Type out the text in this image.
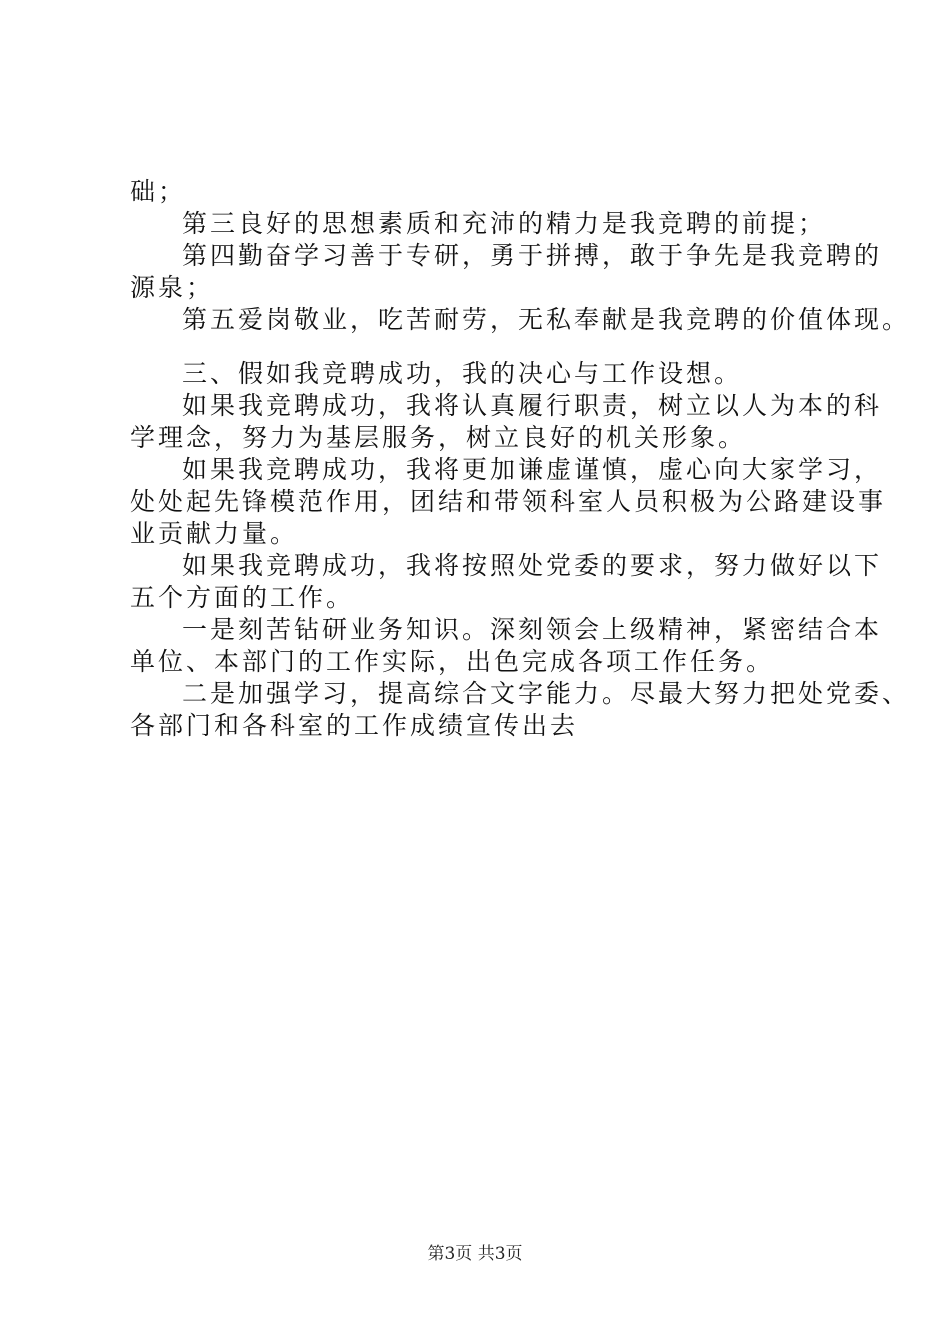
础；
第三良好的思想素质和充沛的精力是我竞聘的前提；
第四勤奋学习善于专研，勇于拼搏，敢于争先是我竞聘的
源泉；
第五爱岗敬业，吃苦耐劳，无私奉献是我竞聘的价值体现。
三、假如我竞聘成功，我的决心与工作设想。
如果我竞聘成功，我将认真履行职责，树立以人为本的科
学理念，努力为基层服务，树立良好的机关形象。
如果我竞聘成功，我将更加谦虚谨慎，虚心向大家学习，
处处起先锋模范作用，团结和带领科室人员积极为公路建设事
业贡献力量。
如果我竞聘成功，我将按照处党委的要求，努力做好以下
五个方面的工作。
一是刻苦钻研业务知识。深刻领会上级精神，紧密结合本
单位、本部门的工作实际，出色完成各项工作任务。
二是加强学习，提高综合文字能力。尽最大努力把处党委、
各部门和各科室的工作成绩宣传出去
第3页 共3页
